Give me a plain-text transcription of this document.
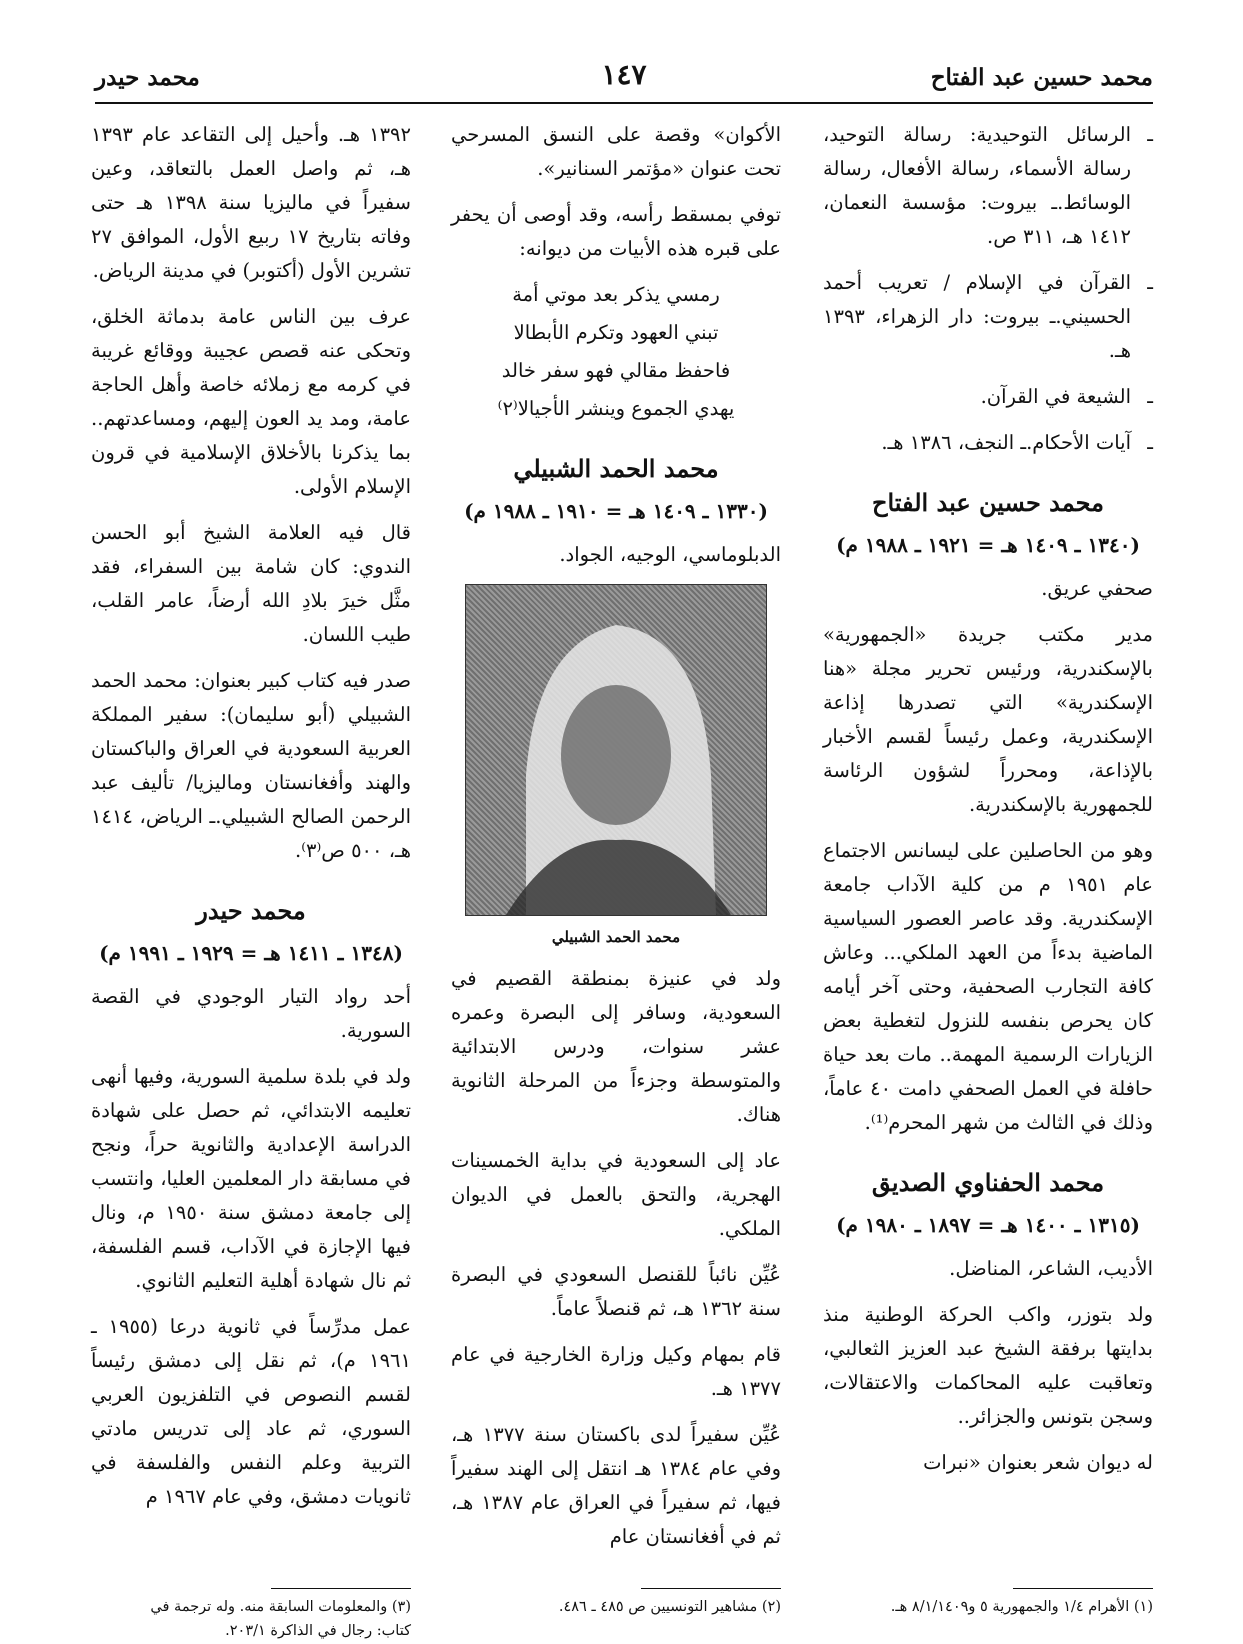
محمد حسين عبد الفتاح
١٤٧
محمد حيدر

ـ الرسائل التوحيدية: رسالة التوحيد، رسالة الأسماء، رسالة الأفعال، رسالة الوسائط.ـ بيروت: مؤسسة النعمان، ١٤١٢ هـ، ٣١١ ص.

ـ القرآن في الإسلام / تعريب أحمد الحسيني.ـ بيروت: دار الزهراء، ١٣٩٣ هـ.

ـ الشيعة في القرآن.

ـ آيات الأحكام.ـ النجف، ١٣٨٦ هـ.

محمد حسين عبد الفتاح
(١٣٤٠ ـ ١٤٠٩ هـ = ١٩٢١ ـ ١٩٨٨ م)

صحفي عريق.

مدير مكتب جريدة «الجمهورية» بالإسكندرية، ورئيس تحرير مجلة «هنا الإسكندرية» التي تصدرها إذاعة الإسكندرية، وعمل رئيساً لقسم الأخبار بالإذاعة، ومحرراً لشؤون الرئاسة للجمهورية بالإسكندرية.

وهو من الحاصلين على ليسانس الاجتماع عام ١٩٥١ م من كلية الآداب جامعة الإسكندرية. وقد عاصر العصور السياسية الماضية بدءاً من العهد الملكي... وعاش كافة التجارب الصحفية، وحتى آخر أيامه كان يحرص بنفسه للنزول لتغطية بعض الزيارات الرسمية المهمة.. مات بعد حياة حافلة في العمل الصحفي دامت ٤٠ عاماً، وذلك في الثالث من شهر المحرم⁽¹⁾.

محمد الحفناوي الصديق
(١٣١٥ ـ ١٤٠٠ هـ = ١٨٩٧ ـ ١٩٨٠ م)

الأديب، الشاعر، المناضل.

ولد بتوزر، واكب الحركة الوطنية منذ بدايتها برفقة الشيخ عبد العزيز الثعالبي، وتعاقبت عليه المحاكمات والاعتقالات، وسجن بتونس والجزائر..

له ديوان شعر بعنوان «نبرات

الأكوان» وقصة على النسق المسرحي تحت عنوان «مؤتمر السنانير».

توفي بمسقط رأسه، وقد أوصى أن يحفر على قبره هذه الأبيات من ديوانه:

رمسي يذكر بعد موتي أمة
تبني العهود وتكرم الأبطالا
فاحفظ مقالي فهو سفر خالد
يهدي الجموع وينشر الأجيالا⁽٢⁾
محمد الحمد الشبيلي
(١٣٣٠ ـ ١٤٠٩ هـ = ١٩١٠ ـ ١٩٨٨ م)

الدبلوماسي، الوجيه، الجواد.

محمد الحمد الشبيلي

ولد في عنيزة بمنطقة القصيم في السعودية، وسافر إلى البصرة وعمره عشر سنوات، ودرس الابتدائية والمتوسطة وجزءاً من المرحلة الثانوية هناك.

عاد إلى السعودية في بداية الخمسينات الهجرية، والتحق بالعمل في الديوان الملكي.

عُيِّن نائباً للقنصل السعودي في البصرة سنة ١٣٦٢ هـ، ثم قنصلاً عاماً.

قام بمهام وكيل وزارة الخارجية في عام ١٣٧٧ هـ.

عُيِّن سفيراً لدى باكستان سنة ١٣٧٧ هـ، وفي عام ١٣٨٤ هـ انتقل إلى الهند سفيراً فيها، ثم سفيراً في العراق عام ١٣٨٧ هـ، ثم في أفغانستان عام

١٣٩٢ هـ. وأحيل إلى التقاعد عام ١٣٩٣ هـ، ثم واصل العمل بالتعاقد، وعين سفيراً في ماليزيا سنة ١٣٩٨ هـ حتى وفاته بتاريخ ١٧ ربيع الأول، الموافق ٢٧ تشرين الأول (أكتوبر) في مدينة الرياض.

عرف بين الناس عامة بدماثة الخلق، وتحكى عنه قصص عجيبة ووقائع غريبة في كرمه مع زملائه خاصة وأهل الحاجة عامة، ومد يد العون إليهم، ومساعدتهم.. بما يذكرنا بالأخلاق الإسلامية في قرون الإسلام الأولى.

قال فيه العلامة الشيخ أبو الحسن الندوي: كان شامة بين السفراء، فقد مثَّل خيرَ بلادِ الله أرضاً، عامر القلب، طيب اللسان.

صدر فيه كتاب كبير بعنوان: محمد الحمد الشبيلي (أبو سليمان): سفير المملكة العربية السعودية في العراق والباكستان والهند وأفغانستان وماليزيا/ تأليف عبد الرحمن الصالح الشبيلي.ـ الرياض، ١٤١٤ هـ، ٥٠٠ ص⁽٣⁾.

محمد حيدر
(١٣٤٨ ـ ١٤١١ هـ = ١٩٢٩ ـ ١٩٩١ م)

أحد رواد التيار الوجودي في القصة السورية.

ولد في بلدة سلمية السورية، وفيها أنهى تعليمه الابتدائي، ثم حصل على شهادة الدراسة الإعدادية والثانوية حراً، ونجح في مسابقة دار المعلمين العليا، وانتسب إلى جامعة دمشق سنة ١٩٥٠ م، ونال فيها الإجازة في الآداب، قسم الفلسفة، ثم نال شهادة أهلية التعليم الثانوي.

عمل مدرِّساً في ثانوية درعا (١٩٥٥ ـ ١٩٦١ م)، ثم نقل إلى دمشق رئيساً لقسم النصوص في التلفزيون العربي السوري، ثم عاد إلى تدريس مادتي التربية وعلم النفس والفلسفة في ثانويات دمشق، وفي عام ١٩٦٧ م

(١) الأهرام ١/٤ والجمهورية ٥ و٨/١/١٤٠٩ هـ.
(٢) مشاهير التونسيين ص ٤٨٥ ـ ٤٨٦.
(٣) والمعلومات السابقة منه. وله ترجمة في
كتاب: رجال في الذاكرة ٢٠٣/١.
